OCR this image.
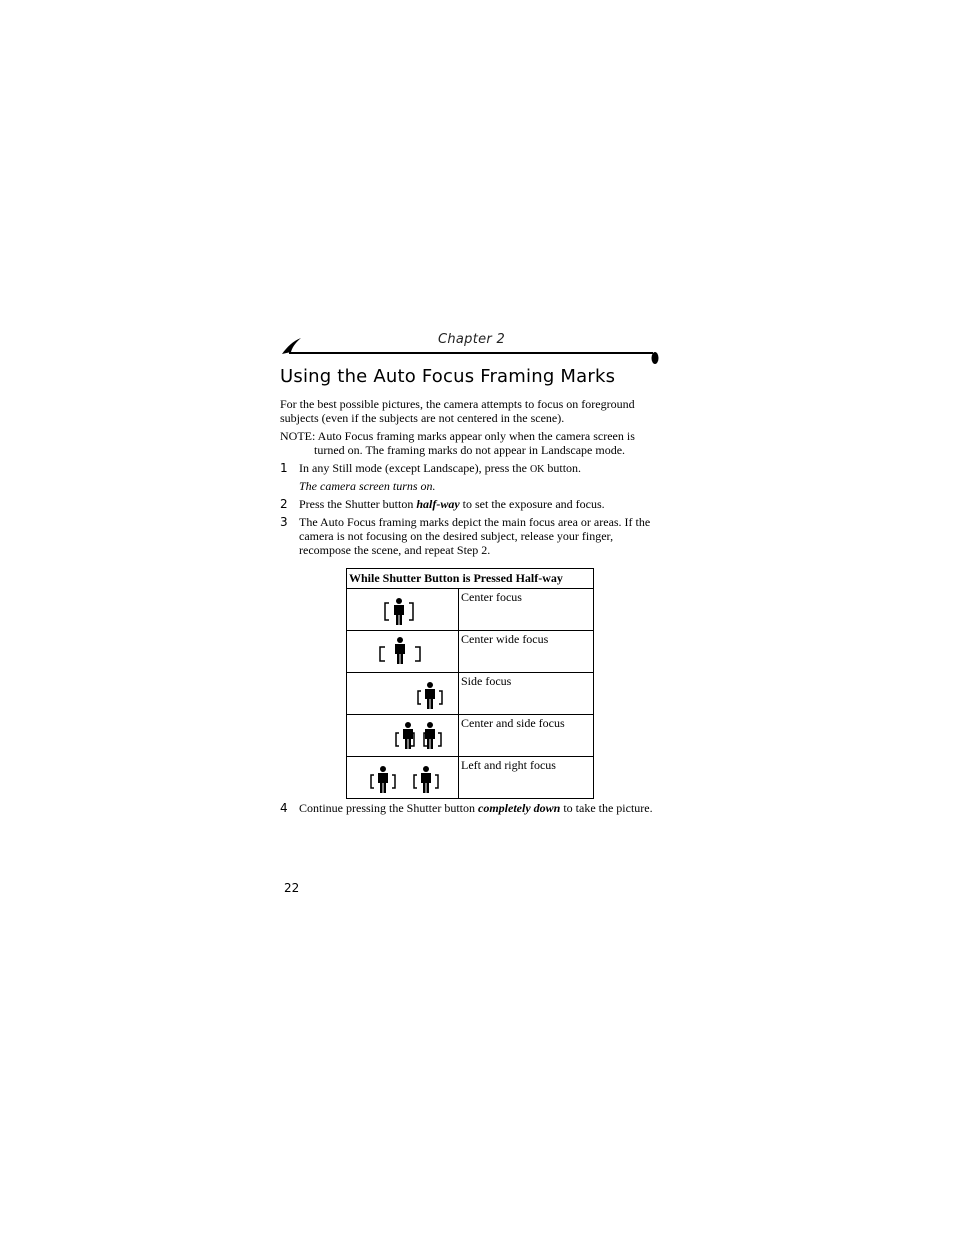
Chapter 2
Using the Auto Focus Framing Marks

For the best possible pictures, the camera attempts to focus on foreground subjects (even if the subjects are not centered in the scene).

NOTE: Auto Focus framing marks appear only when the camera screen is turned on. The framing marks do not appear in Landscape mode.

1 In any Still mode (except Landscape), press the OK button.
The camera screen turns on.
2 Press the Shutter button half-way to set the exposure and focus.
3 The Auto Focus framing marks depict the main focus area or areas. If the camera is not focusing on the desired subject, release your finger, recompose the scene, and repeat Step 2.
While Shutter Button is Pressed Half-way	

	Center focus

	Center wide focus

	Side focus

	Center and side focus

	Left and right focus
4 Continue pressing the Shutter button completely down to take the picture.
22
